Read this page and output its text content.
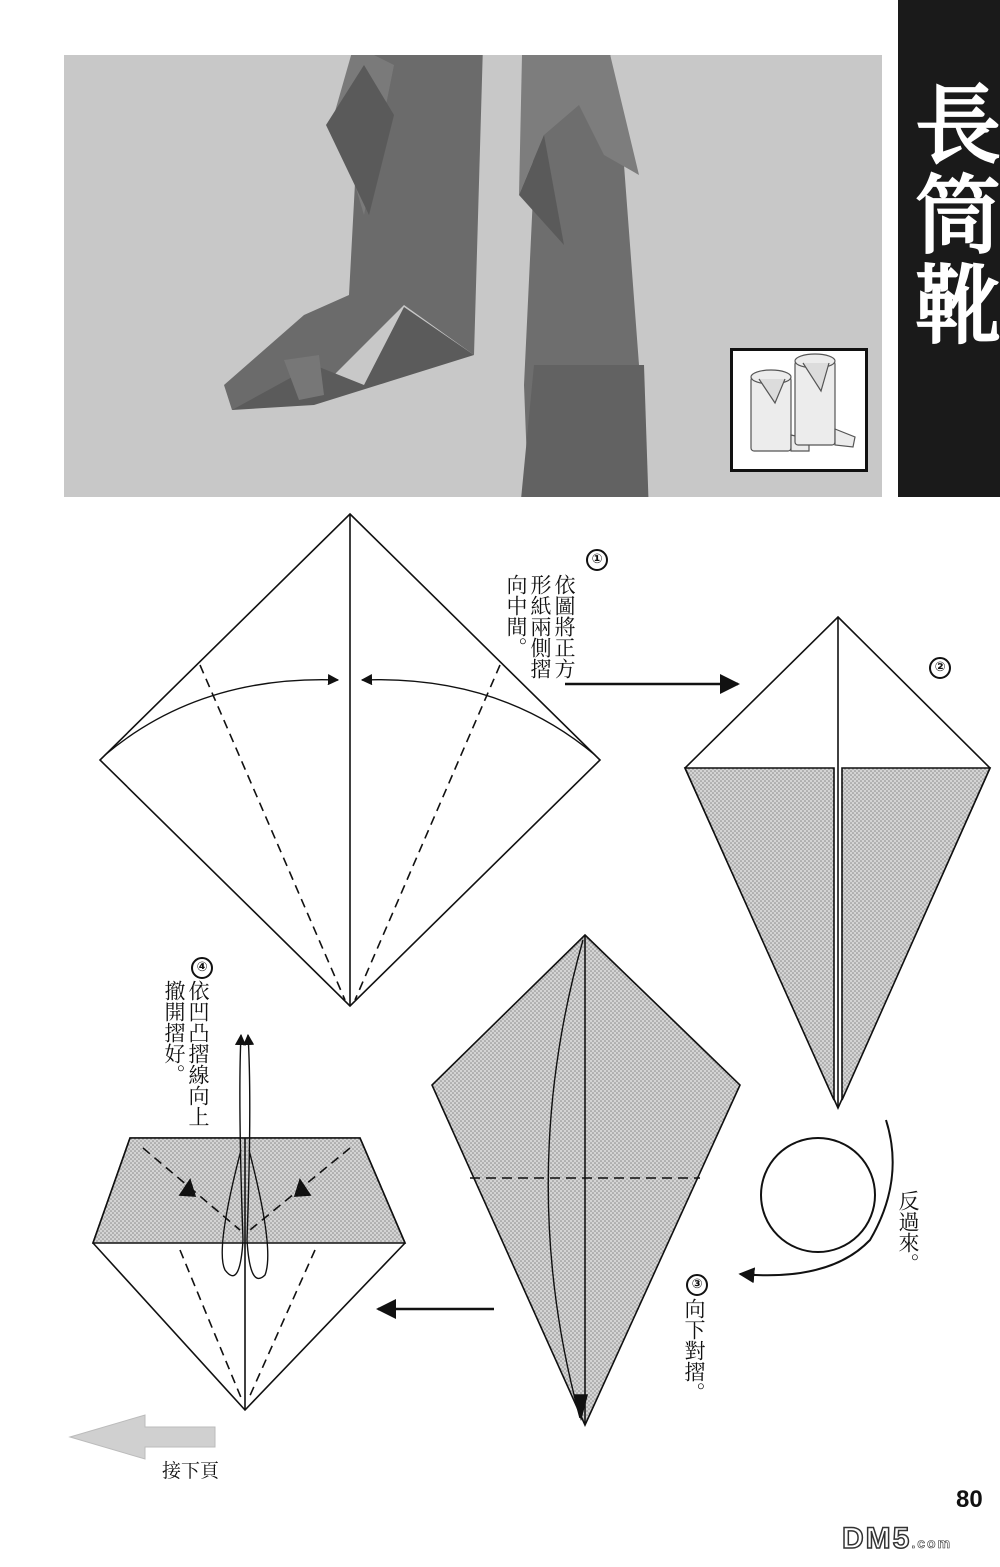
長筒靴
①
②
③
④
依圖將正方形紙兩側摺向中間。
向下對摺。
依凹凸摺線向上撤開摺好。
反過來。
接下頁
80
DM5.com
